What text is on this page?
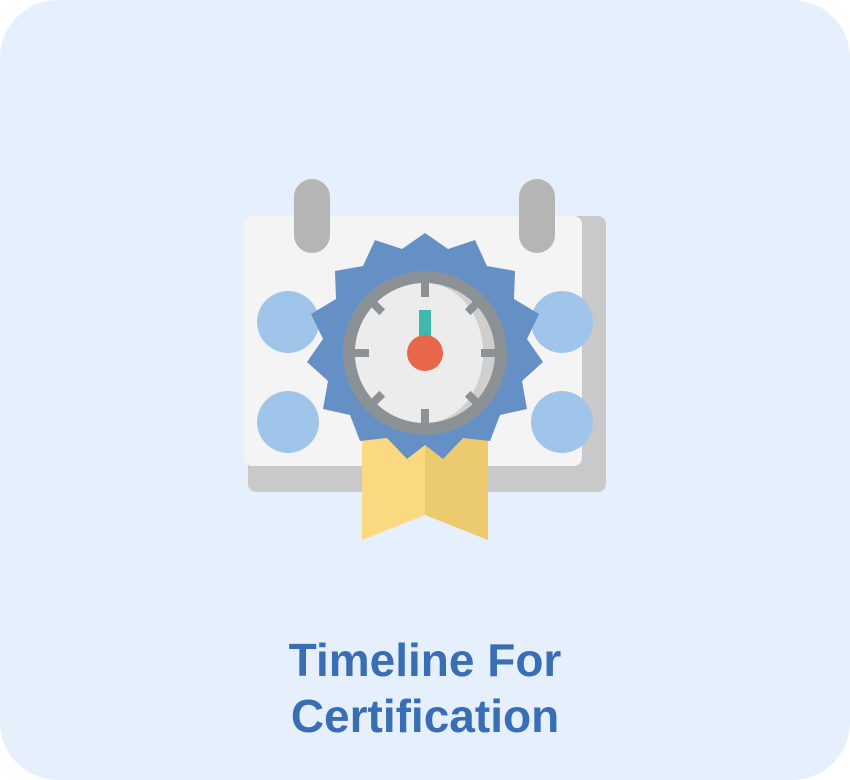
Timeline For
Certification
